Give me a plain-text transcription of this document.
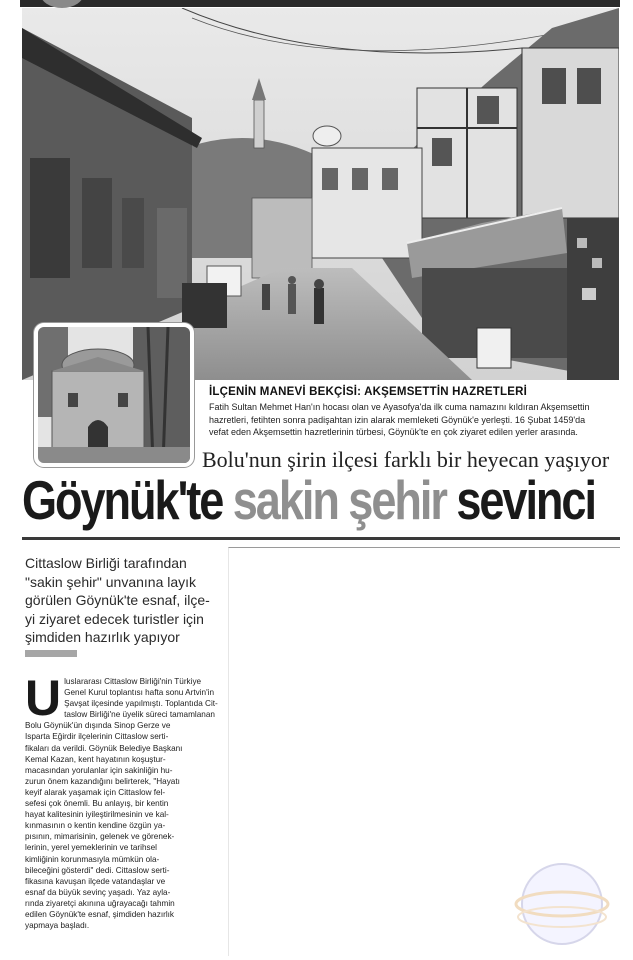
İLÇENİN MANEVİ BEKÇİSİ: AKŞEMSETTİN HAZRETLERİ
Fatih Sultan Mehmet Han'ın hocası olan ve Ayasofya'da ilk cuma namazını kıldıran Akşemsettin
hazretleri, fetihten sonra padişahtan izin alarak memleketi Göynük'e yerleşti. 16 Şubat 1459'da
vefat eden Akşemsettin hazretlerinin türbesi, Göynük'te en çok ziyaret edilen yerler arasında.
Bolu'nun şirin ilçesi farklı bir heyecan yaşıyor
Göynük'te sakin şehir sevinci
Cittaslow Birliği tarafından
"sakin şehir" unvanına layık
görülen Göynük'te esnaf, ilçe-
yi ziyaret edecek turistler için
şimdiden hazırlık yapıyor
U luslararası Cittaslow Birliği'nin Türkiye
Genel Kurul toplantısı hafta sonu Artvin'in
Şavşat ilçesinde yapılmıştı. Toplantıda Cit-
taslow Birliği'ne üyelik süreci tamamlanan
Bolu Göynük'ün dışında Sinop Gerze ve
Isparta Eğirdir ilçelerinin Cittaslow serti-
fikaları da verildi. Göynük Belediye Başkanı
Kemal Kazan, kent hayatının koşuştur-
macasından yorulanlar için sakinliğin hu-
zurun önem kazandığını belirterek, "Hayatı
keyif alarak yaşamak için Cittaslow fel-
sefesi çok önemli. Bu anlayış, bir kentin
hayat kalitesinin iyileştirilmesinin ve kal-
kınmasının o kentin kendine özgün ya-
pısının, mimarisinin, gelenek ve görenek-
lerinin, yerel yemeklerinin ve tarihsel
kimliğinin korunmasıyla mümkün ola-
bileceğini gösterdi" dedi. Cittaslow serti-
fikasına kavuşan ilçede vatandaşlar ve
esnaf da büyük sevinç yaşadı. Yaz ayla-
rında ziyaretçi akınına uğrayacağı tahmin
edilen Göynük'te esnaf, şimdiden hazırlık
yapmaya başladı.
